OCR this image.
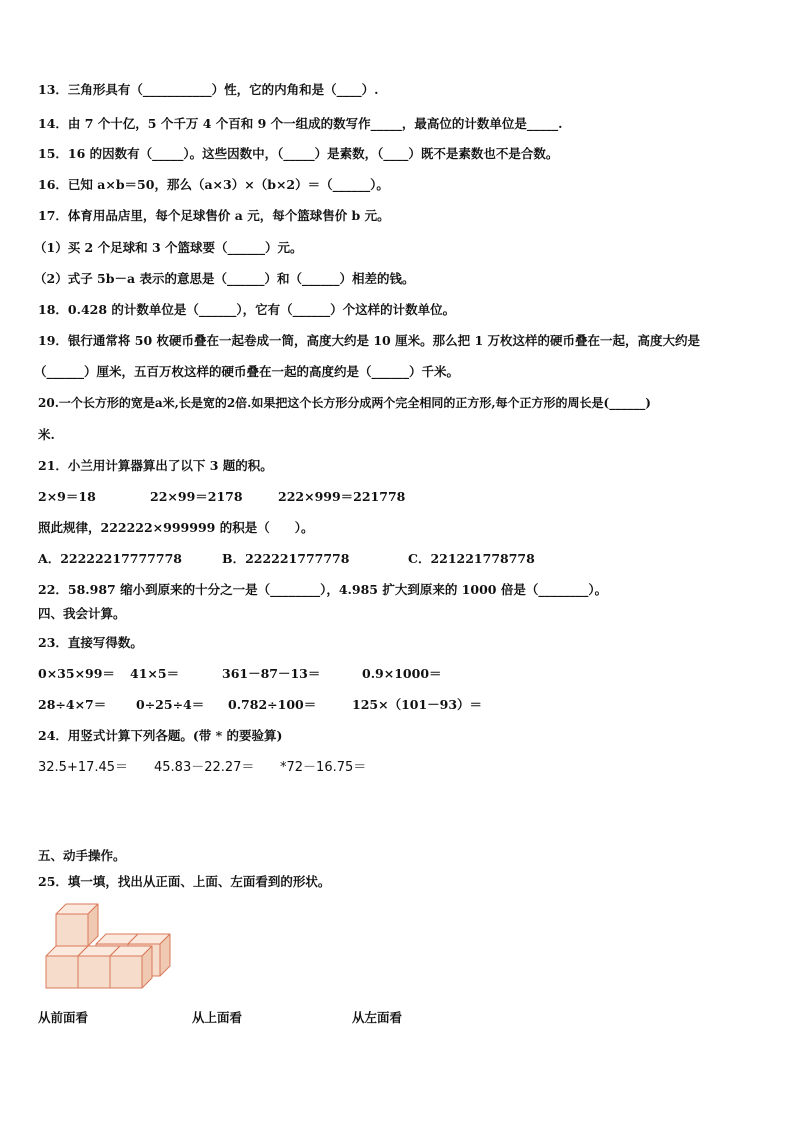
13．三角形具有（___________）性，它的内角和是（____）.
14．由 7 个十亿，5 个千万 4 个百和 9 个一组成的数写作_____，最高位的计数单位是_____.
15．16 的因数有（_____）。这些因数中，（_____）是素数，（____）既不是素数也不是合数。
16．已知 a×b＝50，那么（a×3）×（b×2）＝（______）。
17．体育用品店里，每个足球售价 a 元，每个篮球售价 b 元。
（1）买 2 个足球和 3 个篮球要（______）元。
（2）式子 5b－a 表示的意思是（______）和（______）相差的钱。
18．0.428 的计数单位是（______），它有（______）个这样的计数单位。
19．银行通常将 50 枚硬币叠在一起卷成一筒，高度大约是 10 厘米。那么把 1 万枚这样的硬币叠在一起，高度大约是
（______）厘米，五百万枚这样的硬币叠在一起的高度约是（______）千米。
20.一个长方形的宽是a米,长是宽的2倍.如果把这个长方形分成两个完全相同的正方形,每个正方形的周长是(______)
米.
21．小兰用计算器算出了以下 3 题的积。
2×9＝18	22×99＝2178	222×999＝221778
照此规律，222222×999999 的积是（　　）。
A．22222217777778	B．222221777778	C．221221778778
22．58.987 缩小到原来的十分之一是（________），4.985 扩大到原来的 1000 倍是（________）。
四、我会计算。
23．直接写得数。
0×35×99＝ 41×5＝	361－87－13＝	0.9×1000＝
28÷4×7＝ 0÷25÷4＝ 0.782÷100＝	125×（101－93）＝
24．用竖式计算下列各题。(带 * 的要验算)
32.5+17.45＝ 45.83－22.27＝ *72－16.75＝
五、动手操作。
25．填一填，找出从正面、上面、左面看到的形状。
从前面看	从上面看	从左面看
